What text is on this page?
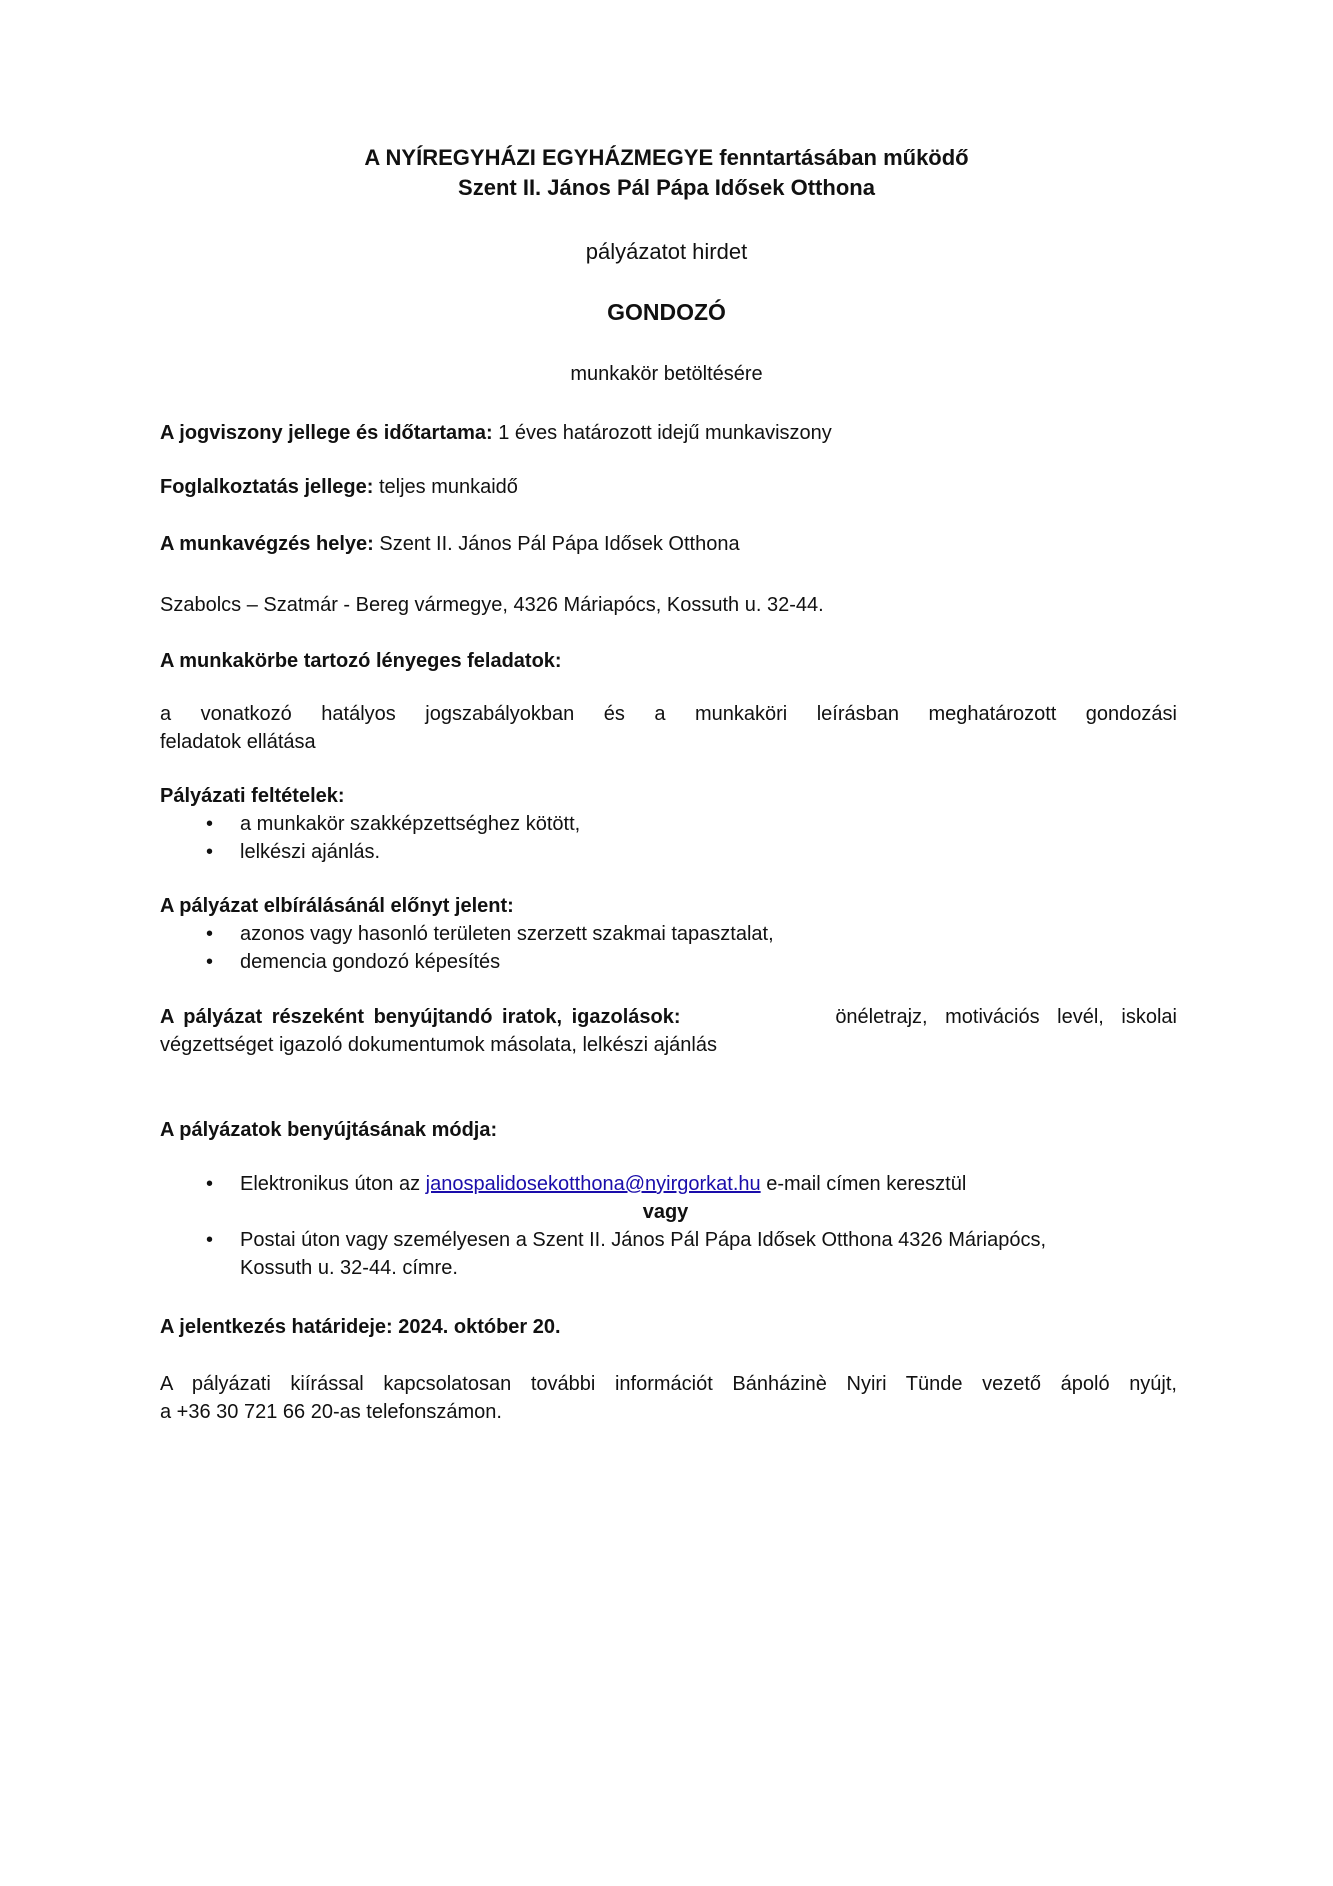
A NYÍREGYHÁZI EGYHÁZMEGYE fenntartásában működő
Szent II. János Pál Pápa Idősek Otthona
pályázatot hirdet
GONDOZÓ
munkakör betöltésére
A jogviszony jellege és időtartama: 1 éves határozott idejű munkaviszony
Foglalkoztatás jellege: teljes munkaidő
A munkavégzés helye: Szent II. János Pál Pápa Idősek Otthona
Szabolcs – Szatmár - Bereg vármegye, 4326 Máriapócs, Kossuth u. 32-44.
A munkakörbe tartozó lényeges feladatok:
a vonatkozó hatályos jogszabályokban és a munkaköri leírásban meghatározott gondozási
feladatok ellátása
Pályázati feltételek:
• a munkakör szakképzettséghez kötött,
• lelkészi ajánlás.
A pályázat elbírálásánál előnyt jelent:
• azonos vagy hasonló területen szerzett szakmai tapasztalat,
• demencia gondozó képesítés
A pályázat részeként benyújtandó iratok, igazolások:	önéletrajz, motivációs levél, iskolai
végzettséget igazoló dokumentumok másolata, lelkészi ajánlás
A pályázatok benyújtásának módja:
• Elektronikus úton az janospalidosekotthona@nyirgorkat.hu e-mail címen keresztül
vagy
• Postai úton vagy személyesen a Szent II. János Pál Pápa Idősek Otthona 4326 Máriapócs,
Kossuth u. 32-44. címre.
A jelentkezés határideje: 2024. október 20.
A pályázati kiírással kapcsolatosan további információt Bánházinè Nyiri Tünde vezető ápoló nyújt,
a +36 30 721 66 20-as telefonszámon.
